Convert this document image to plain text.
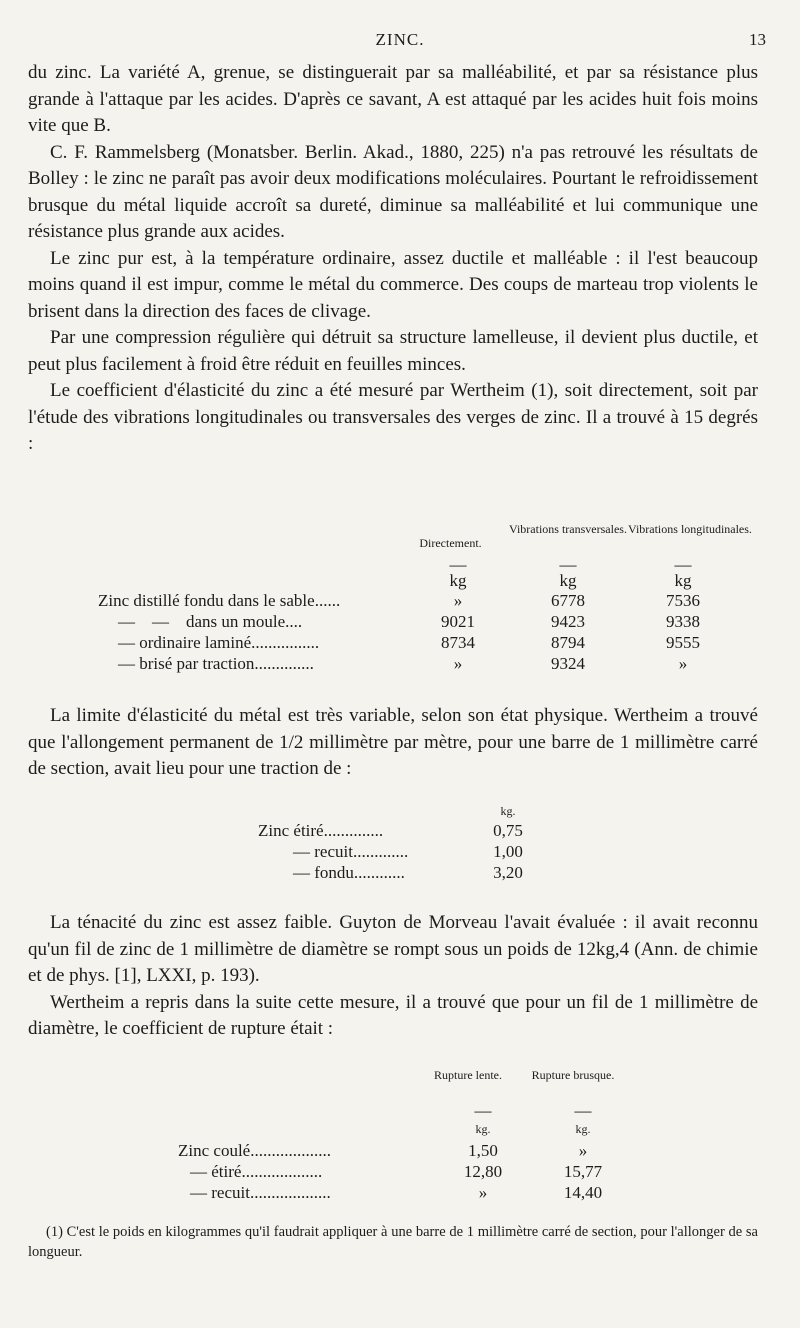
ZINC.	13

du zinc. La variété A, grenue, se distinguerait par sa malléabilité, et par sa résistance plus grande à l'attaque par les acides. D'après ce savant, A est attaqué par les acides huit fois moins vite que B.

C. F. Rammelsberg (Monatsber. Berlin. Akad., 1880, 225) n'a pas retrouvé les résultats de Bolley : le zinc ne paraît pas avoir deux modifications moléculaires. Pourtant le refroidissement brusque du métal liquide accroît sa dureté, diminue sa malléabilité et lui communique une résistance plus grande aux acides.

Le zinc pur est, à la température ordinaire, assez ductile et malléable : il l'est beaucoup moins quand il est impur, comme le métal du commerce. Des coups de marteau trop violents le brisent dans la direction des faces de clivage.

Par une compression régulière qui détruit sa structure lamelleuse, il devient plus ductile, et peut plus facilement à froid être réduit en feuilles minces.

Le coefficient d'élasticité du zinc a été mesuré par Wertheim (1), soit directement, soit par l'étude des vibrations longitudinales ou transversales des verges de zinc. Il a trouvé à 15 degrés :

Directement.
Vibrations transversales. Vibrations longitudinales.
—	—	—
kg	kg	kg
Zinc distillé fondu dans le sable......	»	6778	7536
—    —    dans un moule....	9021	9423	9338
— ordinaire laminé................	8734	8794	9555
— brisé par traction..............	»	9324	»

La limite d'élasticité du métal est très variable, selon son état physique. Wertheim a trouvé que l'allongement permanent de 1/2 millimètre par mètre, pour une barre de 1 millimètre carré de section, avait lieu pour une traction de :

kg.
Zinc étiré..............	0,75
— recuit.............	1,00
— fondu............	3,20

La ténacité du zinc est assez faible. Guyton de Morveau l'avait évaluée : il avait reconnu qu'un fil de zinc de 1 millimètre de diamètre se rompt sous un poids de 12kg,4 (Ann. de chimie et de phys. [1], LXXI, p. 193).

Wertheim a repris dans la suite cette mesure, il a trouvé que pour un fil de 1 millimètre de diamètre, le coefficient de rupture était :

Rupture lente.	Rupture brusque.
—	—
kg.	kg.
Zinc coulé...................	1,50	»
— étiré...................	12,80	15,77
— recuit...................	»	14,40
(1) C'est le poids en kilogrammes qu'il faudrait appliquer à une barre de 1 millimètre carré de section, pour l'allonger de sa longueur.
